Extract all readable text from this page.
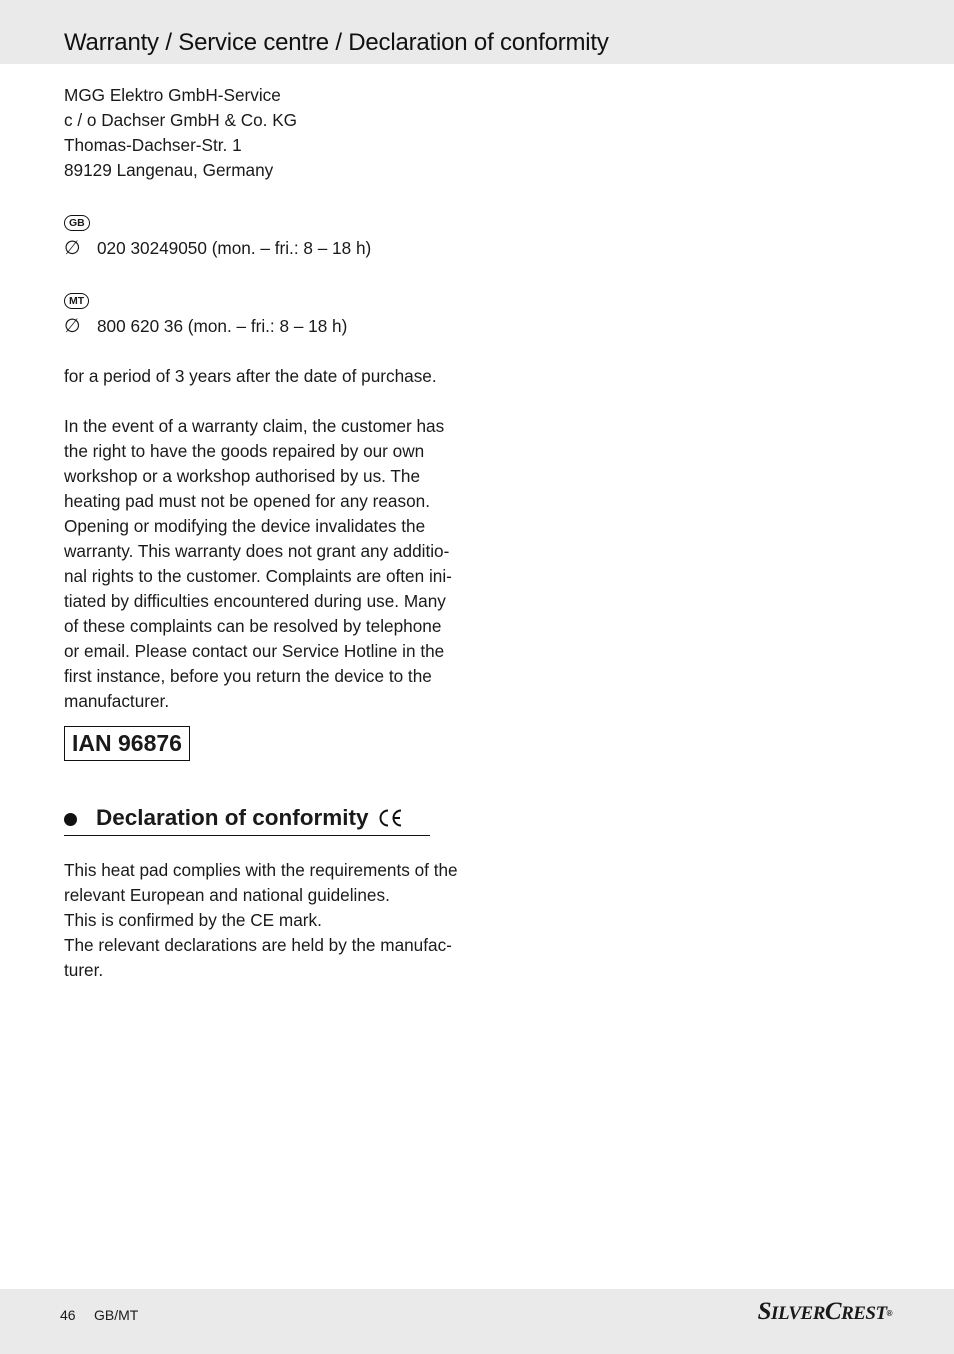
Warranty / Service centre / Declaration of conformity
MGG Elektro GmbH-Service
c / o Dachser GmbH & Co. KG
Thomas-Dachser-Str. 1
89129 Langenau, Germany
GB
∅ 020 30249050 (mon. – fri.: 8 – 18 h)
MT
∅ 800 620 36 (mon. – fri.: 8 – 18 h)
for a period of 3 years after the date of purchase.
In the event of a warranty claim, the customer has
the right to have the goods repaired by our own
workshop or a workshop authorised by us. The
heating pad must not be opened for any reason.
Opening or modifying the device invalidates the
warranty. This warranty does not grant any additio-
nal rights to the customer. Complaints are often ini-
tiated by difficulties encountered during use. Many
of these complaints can be resolved by telephone
or email. Please contact our Service Hotline in the
first instance, before you return the device to the
manufacturer.
IAN 96876
Declaration of conformity
This heat pad complies with the requirements of the
relevant European and national guidelines.
This is confirmed by the CE mark.
The relevant declarations are held by the manufac-
turer.
46 GB/MT	SILVERCREST®
